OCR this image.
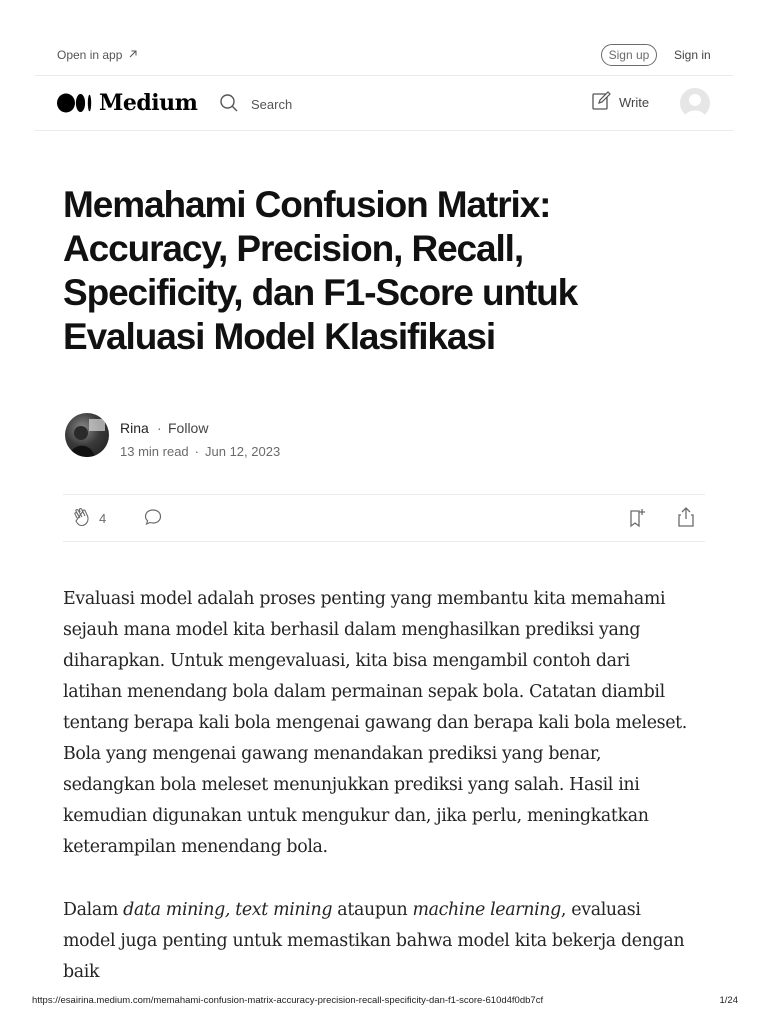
Open in app	Sign up	Sign in
Medium	Search	Write
Memahami Confusion Matrix: Accuracy, Precision, Recall, Specificity, dan F1-Score untuk Evaluasi Model Klasifikasi
Rina · Follow
13 min read · Jun 12, 2023
4

Evaluasi model adalah proses penting yang membantu kita memahami sejauh mana model kita berhasil dalam menghasilkan prediksi yang diharapkan. Untuk mengevaluasi, kita bisa mengambil contoh dari latihan menendang bola dalam permainan sepak bola. Catatan diambil tentang berapa kali bola mengenai gawang dan berapa kali bola meleset. Bola yang mengenai gawang menandakan prediksi yang benar, sedangkan bola meleset menunjukkan prediksi yang salah. Hasil ini kemudian digunakan untuk mengukur dan, jika perlu, meningkatkan keterampilan menendang bola.

Dalam data mining, text mining ataupun machine learning, evaluasi model juga penting untuk memastikan bahwa model kita bekerja dengan baik

https://esairina.medium.com/memahami-confusion-matrix-accuracy-precision-recall-specificity-dan-f1-score-610d4f0db7cf	1/24
